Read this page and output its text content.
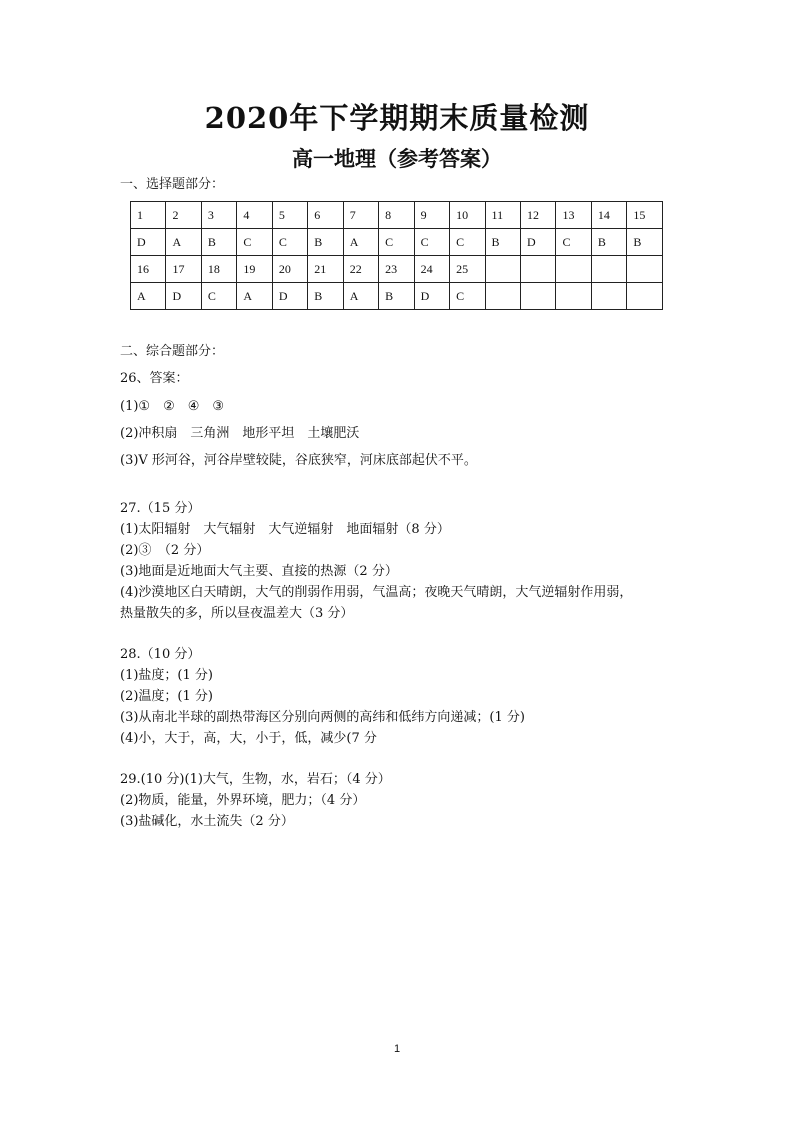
2020年下学期期末质量检测
高一地理（参考答案）
一、选择题部分：
1	2	3	4	5	6	7	8	9	10	11	12	13	14	15
D	A	B	C	C	B	A	C	C	C	B	D	C	B	B
16	17	18	19	20	21	22	23	24	25					
A	D	C	A	D	B	A	B	D	C					
二、综合题部分：
26、答案：
(1)①　②　④　③
(2)冲积扇　三角洲　地形平坦　土壤肥沃
(3)V 形河谷，河谷岸壁较陡，谷底狭窄，河床底部起伏不平。
27.（15 分）
(1)太阳辐射　大气辐射　大气逆辐射　地面辐射（8 分）
(2)③　（2 分）
(3)地面是近地面大气主要、直接的热源（2 分）
(4)沙漠地区白天晴朗，大气的削弱作用弱，气温高；夜晚天气晴朗，大气逆辐射作用弱，
热量散失的多，所以昼夜温差大（3 分）
28.（10 分）
(1)盐度；(1 分)
(2)温度；(1 分)
(3)从南北半球的副热带海区分别向两侧的高纬和低纬方向递减；(1 分)
(4)小，大于，高，大，小于，低，减少(7 分
29.(10 分)(1)大气，生物，水，岩石；（4 分）
(2)物质，能量，外界环境，肥力；（4 分）
(3)盐碱化，水土流失（2 分）
1
